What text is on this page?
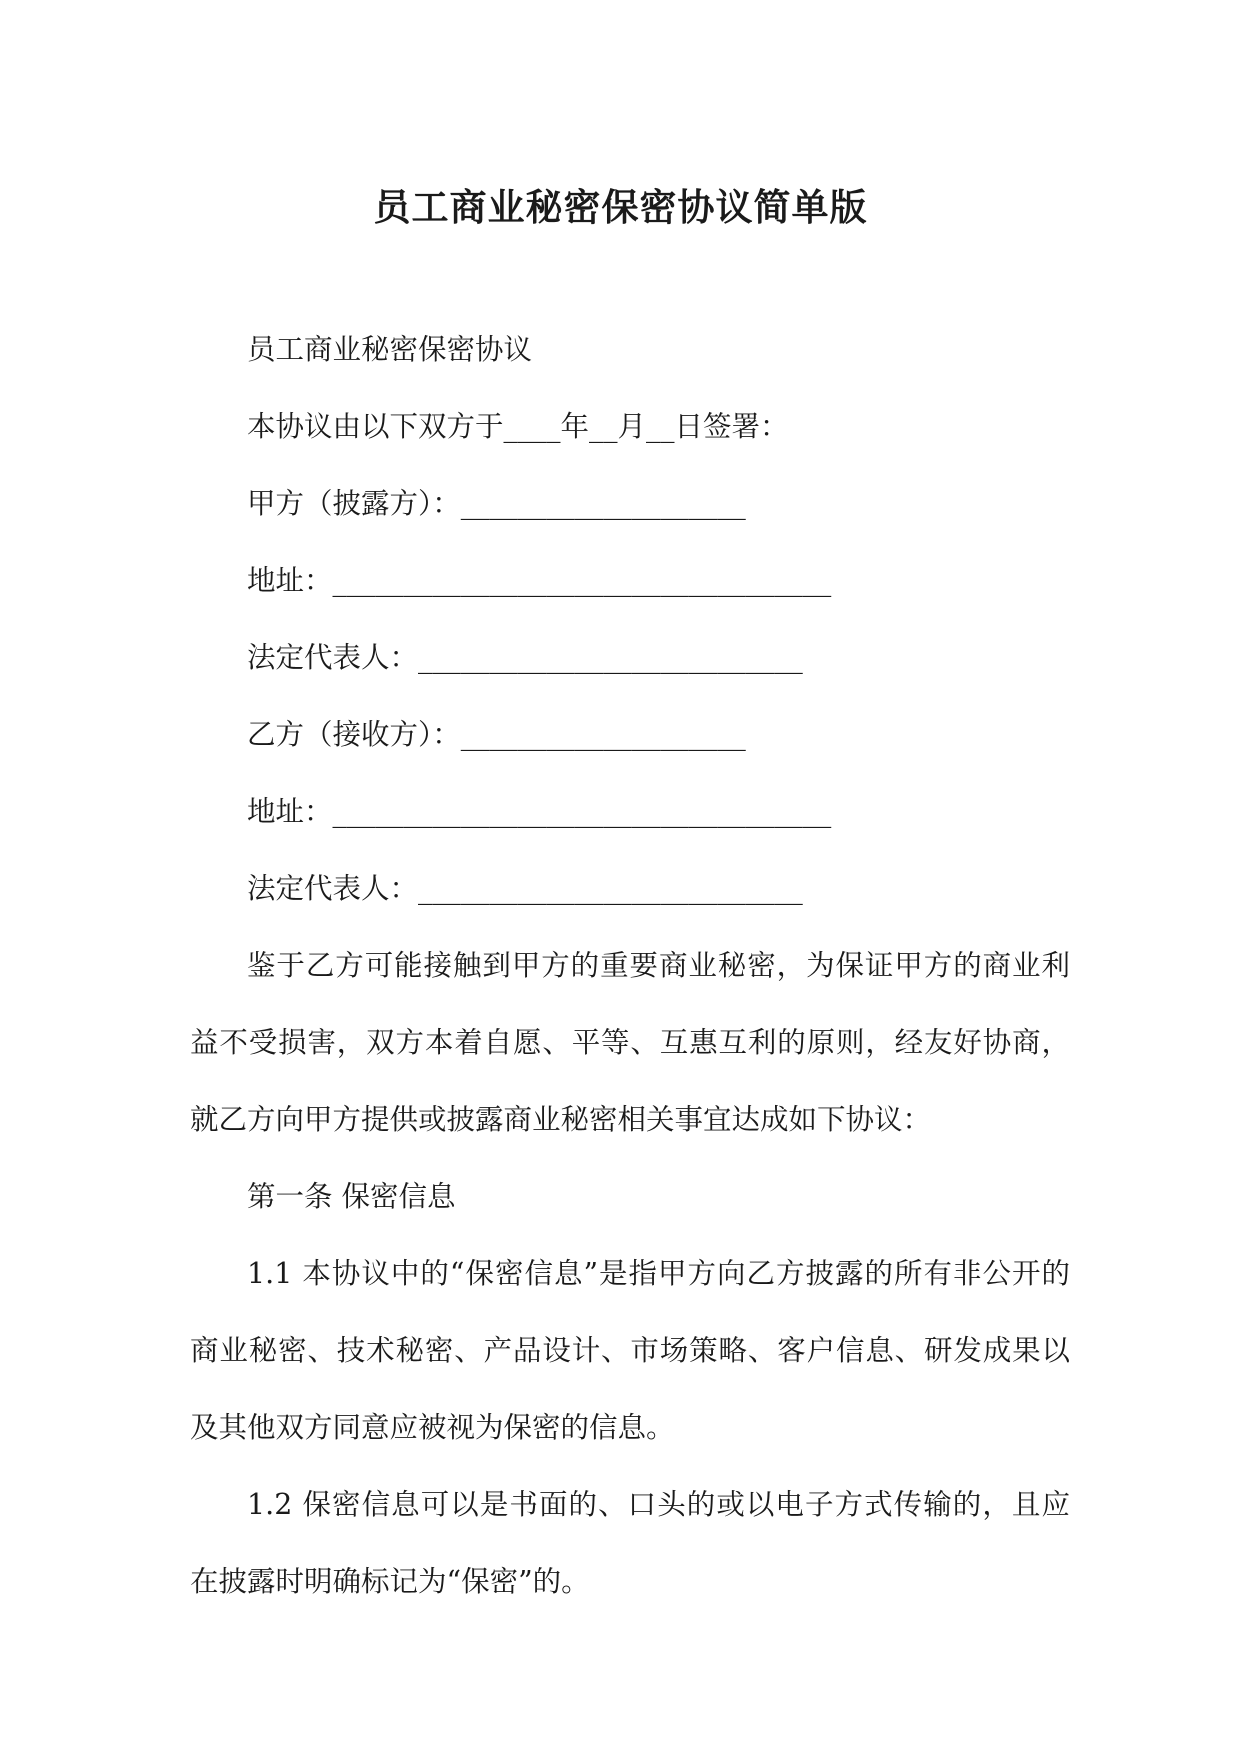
员工商业秘密保密协议简单版

员工商业秘密保密协议

本协议由以下双方于____年__月__日签署：

甲方（披露方）：____________________

地址：___________________________________

法定代表人：___________________________

乙方（接收方）：____________________

地址：___________________________________

法定代表人：___________________________

鉴于乙方可能接触到甲方的重要商业秘密，为保证甲方的商业利益不受损害，双方本着自愿、平等、互惠互利的原则，经友好协商，就乙方向甲方提供或披露商业秘密相关事宜达成如下协议：

第一条 保密信息

1.1 本协议中的“保密信息”是指甲方向乙方披露的所有非公开的商业秘密、技术秘密、产品设计、市场策略、客户信息、研发成果以及其他双方同意应被视为保密的信息。

1.2 保密信息可以是书面的、口头的或以电子方式传输的，且应在披露时明确标记为“保密”的。
